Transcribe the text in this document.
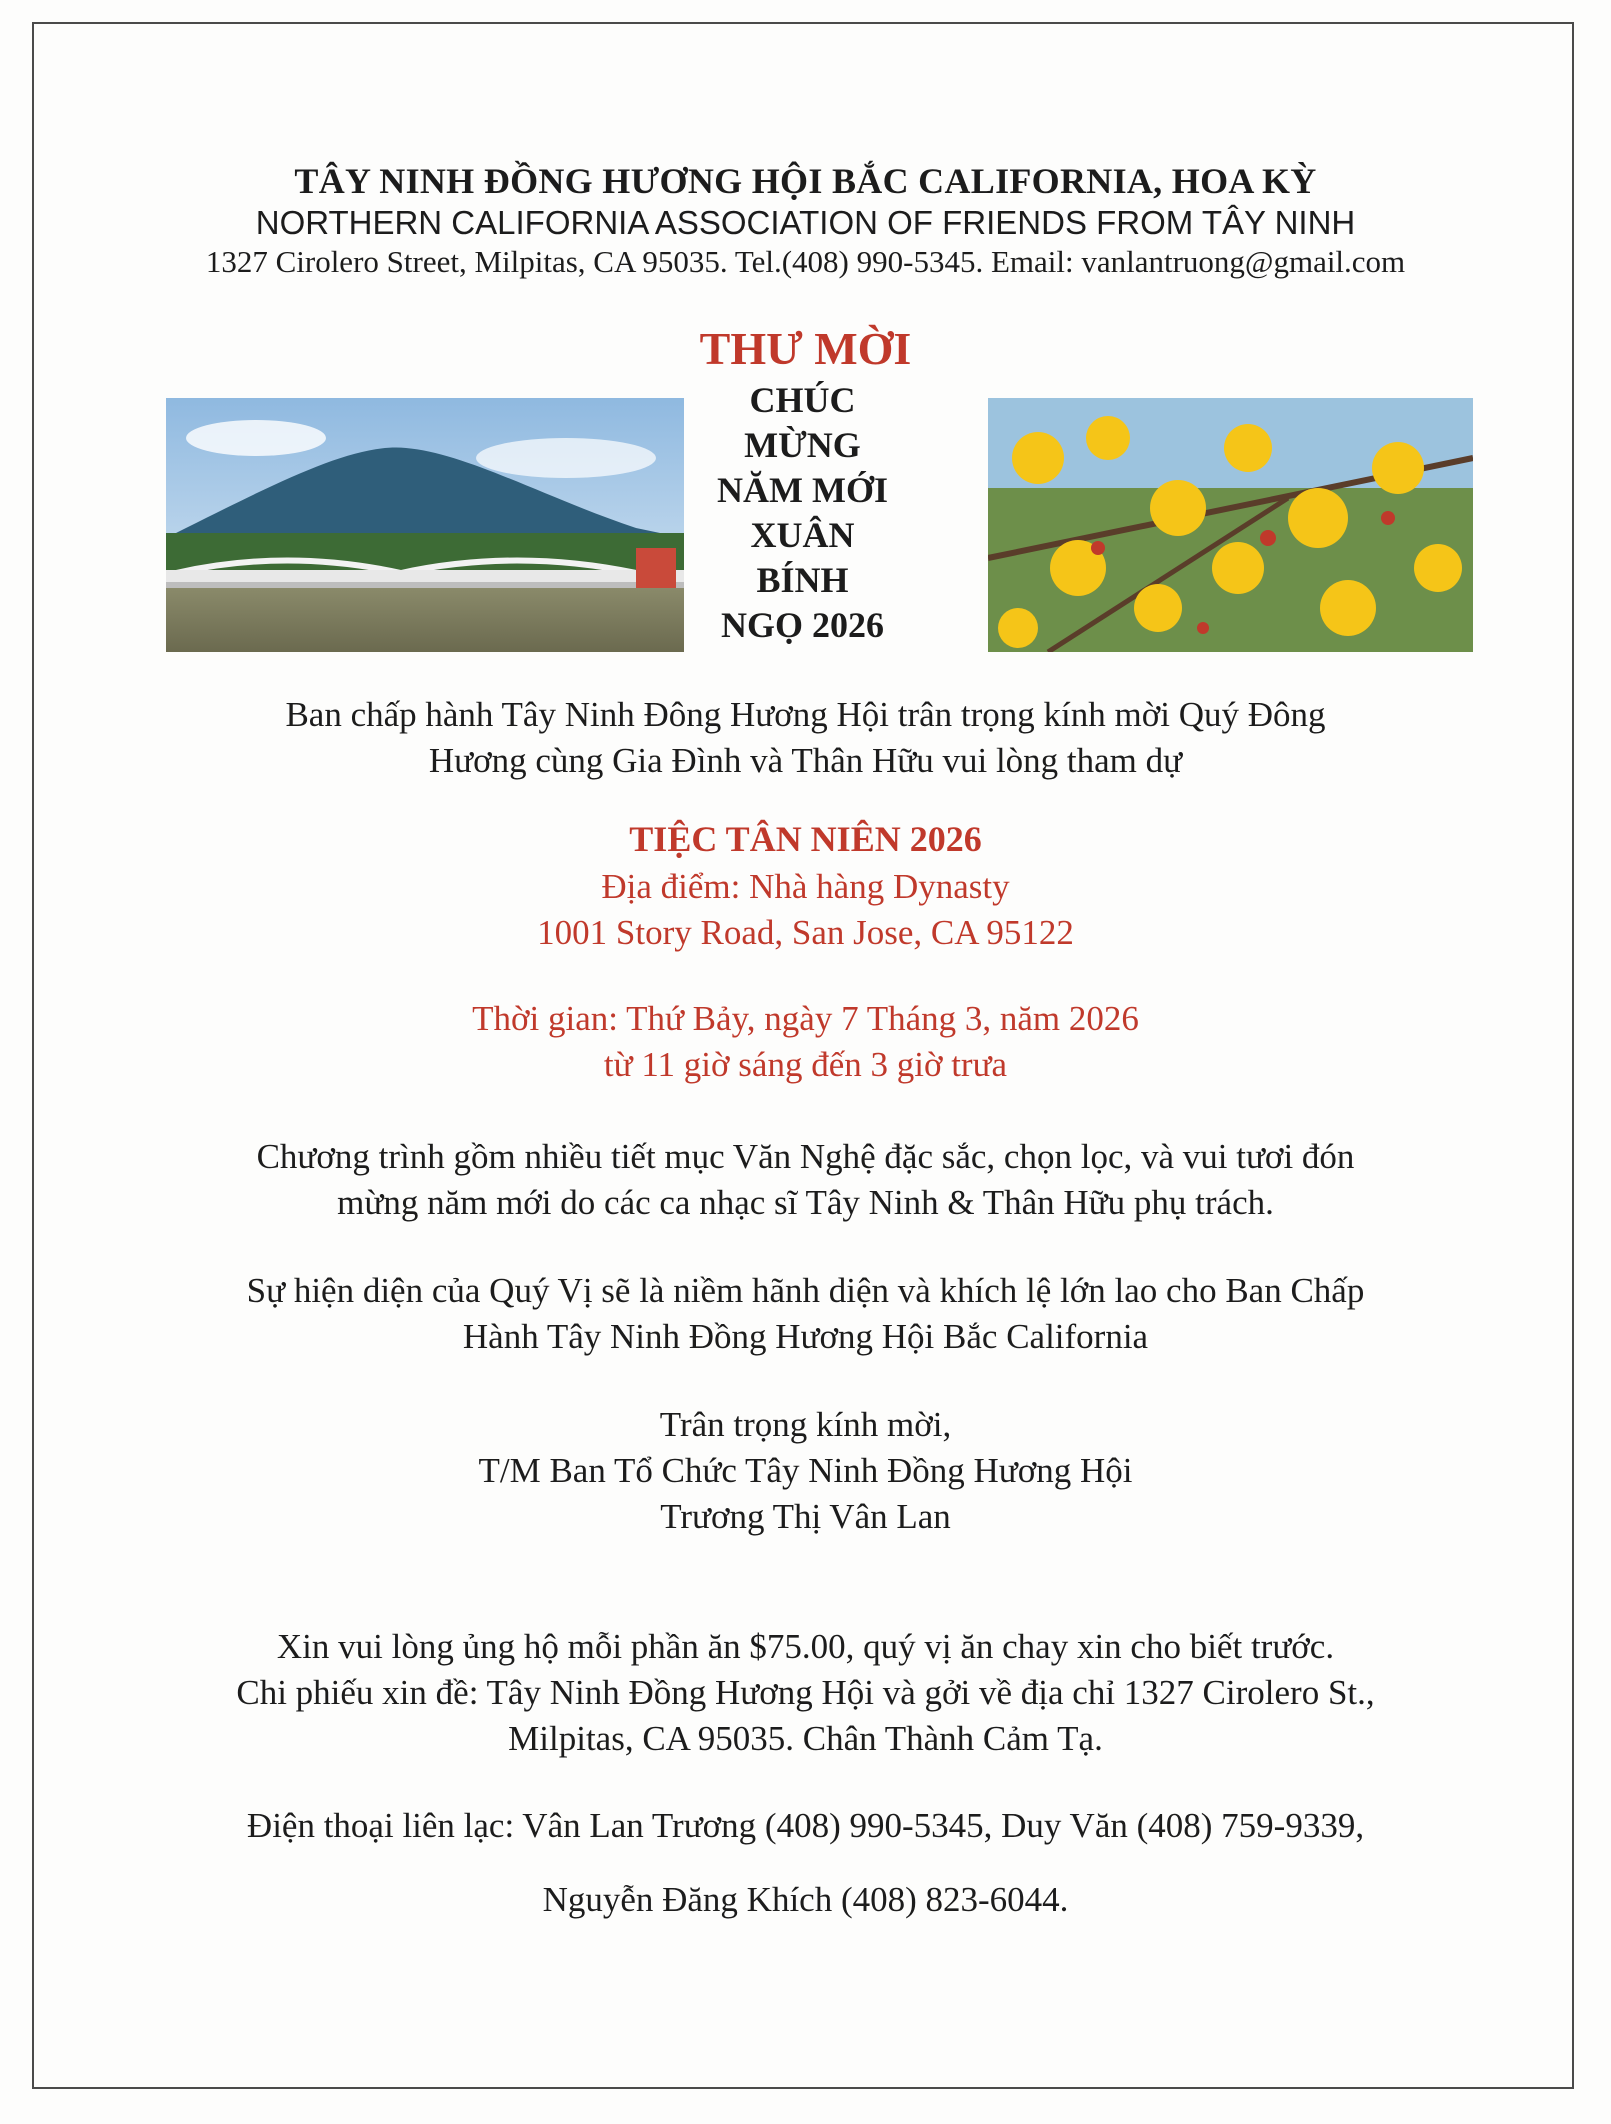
TÂY NINH ĐỒNG HƯƠNG HỘI BẮC CALIFORNIA, HOA KỲ
NORTHERN CALIFORNIA ASSOCIATION OF FRIENDS FROM TÂY NINH
1327 Cirolero Street, Milpitas, CA 95035. Tel.(408) 990-5345. Email: vanlantruong@gmail.com
THƯ MỜI
CHÚC
MỪNG
NĂM MỚI
XUÂN
BÍNH
NGỌ 2026
Ban chấp hành Tây Ninh Đông Hương Hội trân trọng kính mời Quý Đông
Hương cùng Gia Đình và Thân Hữu vui lòng tham dự
TIỆC TÂN NIÊN 2026
Địa điểm: Nhà hàng Dynasty
1001 Story Road, San Jose, CA 95122
Thời gian: Thứ Bảy, ngày 7 Tháng 3, năm 2026
từ 11 giờ sáng đến 3 giờ trưa
Chương trình gồm nhiều tiết mục Văn Nghệ đặc sắc, chọn lọc, và vui tươi đón
mừng năm mới do các ca nhạc sĩ Tây Ninh & Thân Hữu phụ trách.
Sự hiện diện của Quý Vị sẽ là niềm hãnh diện và khích lệ lớn lao cho Ban Chấp
Hành Tây Ninh Đồng Hương Hội Bắc California
Trân trọng kính mời,
T/M Ban Tổ Chức Tây Ninh Đồng Hương Hội
Trương Thị Vân Lan
Xin vui lòng ủng hộ mỗi phần ăn $75.00, quý vị ăn chay xin cho biết trước.
Chi phiếu xin đề: Tây Ninh Đồng Hương Hội và gởi về địa chỉ 1327 Cirolero St.,
Milpitas, CA 95035. Chân Thành Cảm Tạ.
Điện thoại liên lạc: Vân Lan Trương (408) 990-5345, Duy Văn (408) 759-9339,
Nguyễn Đăng Khích (408) 823-6044.
